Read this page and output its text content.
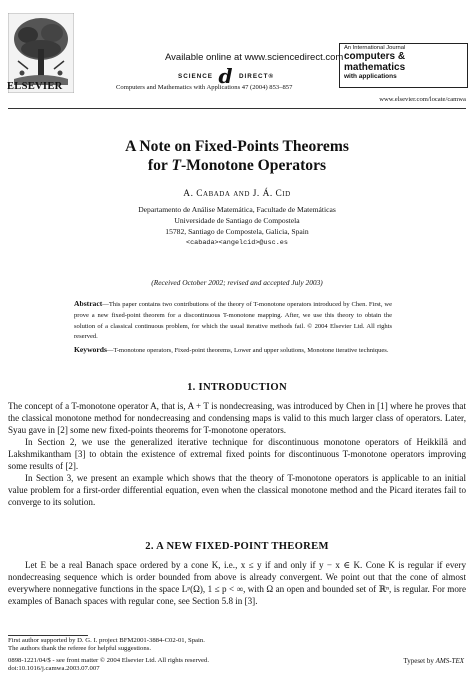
ELSEVIER
Available online at www.sciencedirect.com
SCIENCE d DIRECT®
Computers and Mathematics with Applications 47 (2004) 853–857
An International Journal
computers &
mathematics
with applications
www.elsevier.com/locate/camwa
A Note on Fixed-Points Theorems
for T-Monotone Operators
A. Cabada and J. Á. Cid
Departamento de Análise Matemática, Facultade de Matemáticas
Universidade de Santiago de Compostela
15782, Santiago de Compostela, Galicia, Spain
<cabada><angelcid>@usc.es
(Received October 2002; revised and accepted July 2003)
Abstract—This paper contains two contributions of the theory of T-monotone operators introduced by Chen. First, we prove a new fixed-point theorem for a discontinuous T-monotone mapping. After, we use this theory to obtain the solution of a classical continuous problem, for which the usual iterative methods fail. © 2004 Elsevier Ltd. All rights reserved.
Keywords—T-monotone operators, Fixed-point theorems, Lower and upper solutions, Monotone iterative techniques.
1. INTRODUCTION

The concept of a T-monotone operator A, that is, A + T is nondecreasing, was introduced by Chen in [1] where he proves that the classical monotone method for nondecreasing and condensing maps is valid to this much larger class of operators. Later, Syau gave in [2] some new fixed-points theorems for T-monotone operators.

In Section 2, we use the generalized iterative technique for discontinuous monotone operators of Heikkilä and Lakshmikantham [3] to obtain the existence of extremal fixed points for discontinuous T-monotone operators improving some results of [2].

In Section 3, we present an example which shows that the theory of T-monotone operators is applicable to an initial value problem for a first-order differential equation, even when the classical monotone method and the Picard iterates fail to converge to its solution.

2. A NEW FIXED-POINT THEOREM

Let E be a real Banach space ordered by a cone K, i.e., x ≤ y if and only if y − x ∈ K. Cone K is regular if every nondecreasing sequence which is order bounded from above is already convergent. We point out that the cone of almost everywhere nonnegative functions in the space Lᵖ(Ω), 1 ≤ p < ∞, with Ω an open and bounded set of ℝⁿ, is regular. For more examples of Banach spaces with regular cone, see Section 5.8 in [3].

First author supported by D. G. I. project BFM2001-3884-C02-01, Spain.
The authors thank the referee for helpful suggestions.
0898-1221/04/$ - see front matter © 2004 Elsevier Ltd. All rights reserved.	Typeset by AMS-TEX
doi:10.1016/j.camwa.2003.07.007
